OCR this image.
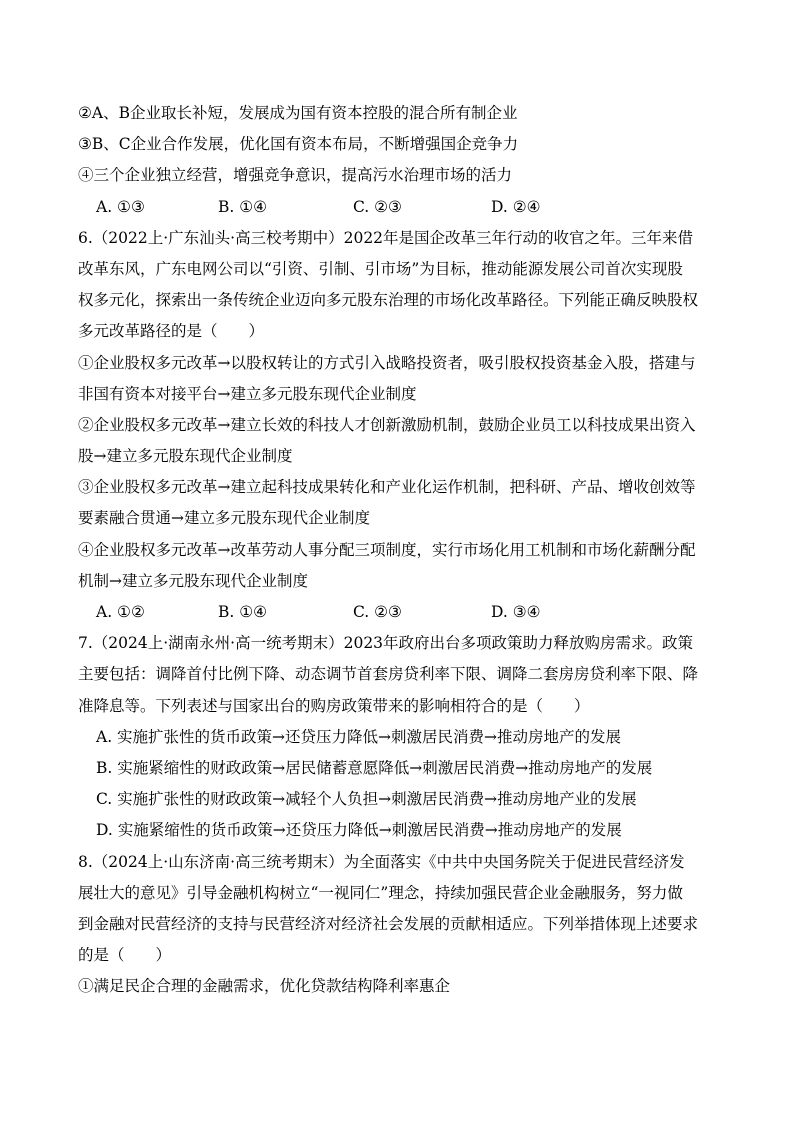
②A、B企业取长补短，发展成为国有资本控股的混合所有制企业
③B、C企业合作发展，优化国有资本布局，不断增强国企竞争力
④三个企业独立经营，增强竞争意识，提高污水治理市场的活力
A. ①③	B. ①④	C. ②③	D. ②④
6.（2022上·广东汕头·高三校考期中）2022年是国企改革三年行动的收官之年。三年来借
改革东风，广东电网公司以“引资、引制、引市场”为目标，推动能源发展公司首次实现股
权多元化，探索出一条传统企业迈向多元股东治理的市场化改革路径。下列能正确反映股权
多元改革路径的是（　　）
①企业股权多元改革→以股权转让的方式引入战略投资者，吸引股权投资基金入股，搭建与
非国有资本对接平台→建立多元股东现代企业制度
②企业股权多元改革→建立长效的科技人才创新激励机制，鼓励企业员工以科技成果出资入
股→建立多元股东现代企业制度
③企业股权多元改革→建立起科技成果转化和产业化运作机制，把科研、产品、增收创效等
要素融合贯通→建立多元股东现代企业制度
④企业股权多元改革→改革劳动人事分配三项制度，实行市场化用工机制和市场化薪酬分配
机制→建立多元股东现代企业制度
A. ①②	B. ①④	C. ②③	D. ③④
7.（2024上·湖南永州·高一统考期末）2023年政府出台多项政策助力释放购房需求。政策
主要包括：调降首付比例下降、动态调节首套房贷利率下限、调降二套房房贷利率下限、降
准降息等。下列表述与国家出台的购房政策带来的影响相符合的是（　　）
A. 实施扩张性的货币政策→还贷压力降低→刺激居民消费→推动房地产的发展
B. 实施紧缩性的财政政策→居民储蓄意愿降低→刺激居民消费→推动房地产的发展
C. 实施扩张性的财政政策→减轻个人负担→刺激居民消费→推动房地产业的发展
D. 实施紧缩性的货币政策→还贷压力降低→刺激居民消费→推动房地产的发展
8.（2024上·山东济南·高三统考期末）为全面落实《中共中央国务院关于促进民营经济发
展壮大的意见》引导金融机构树立“一视同仁”理念，持续加强民营企业金融服务，努力做
到金融对民营经济的支持与民营经济对经济社会发展的贡献相适应。下列举措体现上述要求
的是（　　）
①满足民企合理的金融需求，优化贷款结构降利率惠企
